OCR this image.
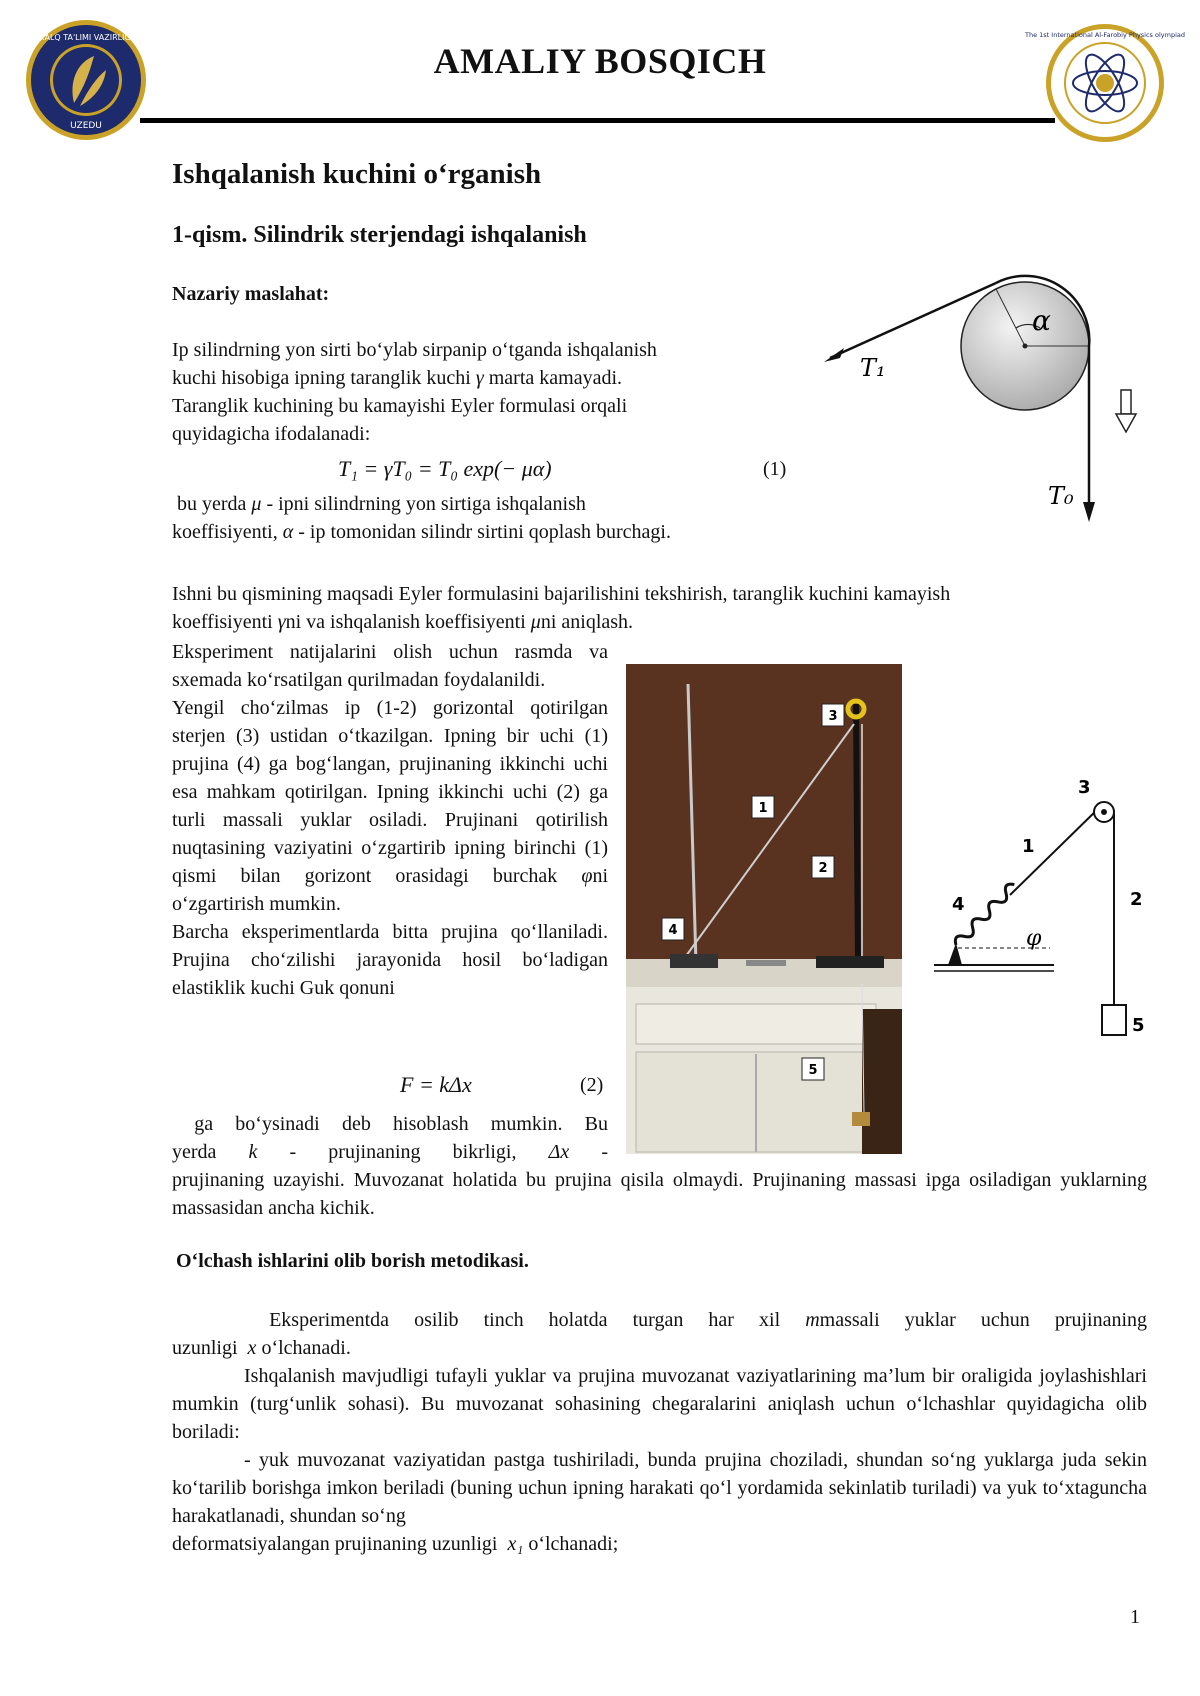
XALQ TA'LIMI VAZIRLIGI
UZEDU
AMALIY BOSQICH
The 1st International Al-Farobiy Physics olympiad
Ishqalanish kuchini o‘rganish
1-qism. Silindrik sterjendagi ishqalanish
Nazariy maslahat:
Ip silindrning yon sirti bo‘ylab sirpanip o‘tganda ishqalanish
kuchi hisobiga ipning taranglik kuchi γ marta kamayadi.
Taranglik kuchining bu kamayishi Eyler formulasi orqali
quyidagicha ifodalanadi:
T₁ = γT₀ = T₀ exp(− μα)	(1)
bu yerda μ - ipni silindrning yon sirtiga ishqalanish
koeffisiyenti, α - ip tomonidan silindr sirtini qoplash burchagi.
α
T₁
T₀
Ishni bu qismining maqsadi Eyler formulasini bajarilishini tekshirish, taranglik kuchini kamayish
koeffisiyenti γni va ishqalanish koeffisiyenti μni aniqlash.
Eksperiment natijalarini olish uchun rasmda va sxemada ko‘rsatilgan qurilmadan foydalanildi.
Yengil cho‘zilmas ip (1-2) gorizontal qotirilgan sterjen (3) ustidan o‘tkazilgan. Ipning bir uchi (1) prujina (4) ga bog‘langan, prujinaning ikkinchi uchi esa mahkam qotirilgan. Ipning ikkinchi uchi (2) ga turli massali yuklar osiladi. Prujinani qotirilish nuqtasining vaziyatini o‘zgartirib ipning birinchi (1) qismi bilan gorizont orasidagi burchak φni o‘zgartirish mumkin.
Barcha eksperimentlarda bitta prujina qo‘llaniladi. Prujina cho‘zilishi jarayonida hosil bo‘ladigan elastiklik kuchi Guk qonuni
F = kΔx	(2)
ga bo‘ysinadi deb hisoblash mumkin. Bu
yerda k - prujinaning bikrligi, Δx -
prujinaning uzayishi. Muvozanat holatida bu prujina qisila olmaydi. Prujinaning massasi ipga osiladigan yuklarning massasidan ancha kichik.
3
1
2
4
5
3
1
2
4
5
φ
O‘lchash ishlarini olib borish metodikasi.
Eksperimentda osilib tinch holatda turgan har xil mmassali yuklar uchun prujinaning
uzunligi x o‘lchanadi.
Ishqalanish mavjudligi tufayli yuklar va prujina muvozanat vaziyatlarining ma’lum bir oraligida joylashishlari mumkin (turg‘unlik sohasi). Bu muvozanat sohasining chegaralarini aniqlash uchun o‘lchashlar quyidagicha olib boriladi:
- yuk muvozanat vaziyatidan pastga tushiriladi, bunda prujina choziladi, shundan so‘ng yuklarga juda sekin ko‘tarilib borishga imkon beriladi (buning uchun ipning harakati qo‘l yordamida sekinlatib turiladi) va yuk to‘xtaguncha harakatlanadi, shundan so‘ng
deformatsiyalangan prujinaning uzunligi x₁ o‘lchanadi;
1
